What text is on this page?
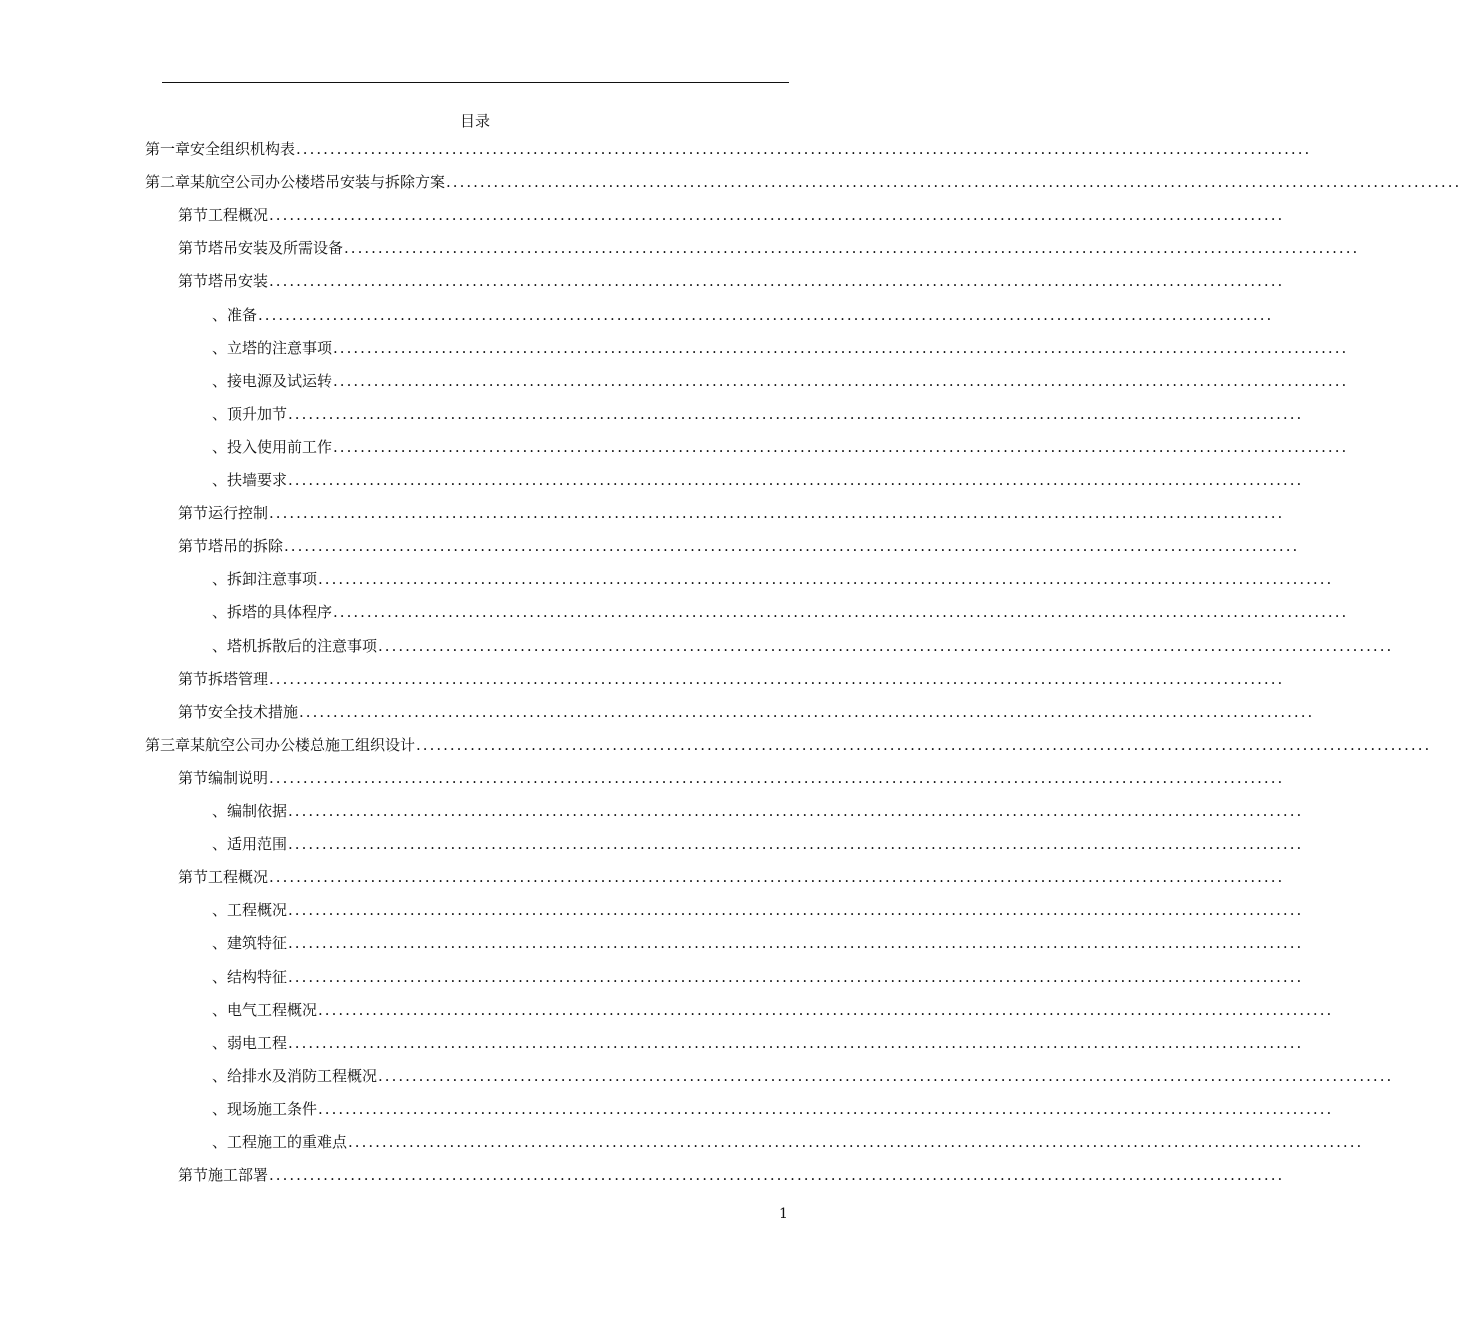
目录
第一章 安全组织机构表 ......................................................................................................................................................
第二章 某航空公司办公楼塔吊安装与拆除方案 ......................................................................................................................................................
第节 工程概况 ......................................................................................................................................................
第节 塔吊安装及所需设备 ......................................................................................................................................................
第节 塔吊安装 ......................................................................................................................................................
、 准备 ......................................................................................................................................................
、 立塔的注意事项 ......................................................................................................................................................
、 接电源及试运转 ......................................................................................................................................................
、 顶升加节 ......................................................................................................................................................
、 投入使用前工作 ......................................................................................................................................................
、 扶墙要求 ......................................................................................................................................................
第节 运行控制 ......................................................................................................................................................
第节 塔吊的拆除 ......................................................................................................................................................
、 拆卸注意事项 ......................................................................................................................................................
、 拆塔的具体程序 ......................................................................................................................................................
、 塔机拆散后的注意事项 ......................................................................................................................................................
第节 拆塔管理 ......................................................................................................................................................
第节 安全技术措施 ......................................................................................................................................................
第三章 某航空公司办公楼总施工组织设计 ......................................................................................................................................................
第节 编制说明 ......................................................................................................................................................
、 编制依据 ......................................................................................................................................................
、 适用范围 ......................................................................................................................................................
第节 工程概况 ......................................................................................................................................................
、 工程概况 ......................................................................................................................................................
、 建筑特征 ......................................................................................................................................................
、 结构特征 ......................................................................................................................................................
、 电气工程概况 ......................................................................................................................................................
、 弱电工程 ......................................................................................................................................................
、 给排水及消防工程概况 ......................................................................................................................................................
、 现场施工条件 ......................................................................................................................................................
、 工程施工的重难点 ......................................................................................................................................................
第节 施工部署 ......................................................................................................................................................
1
